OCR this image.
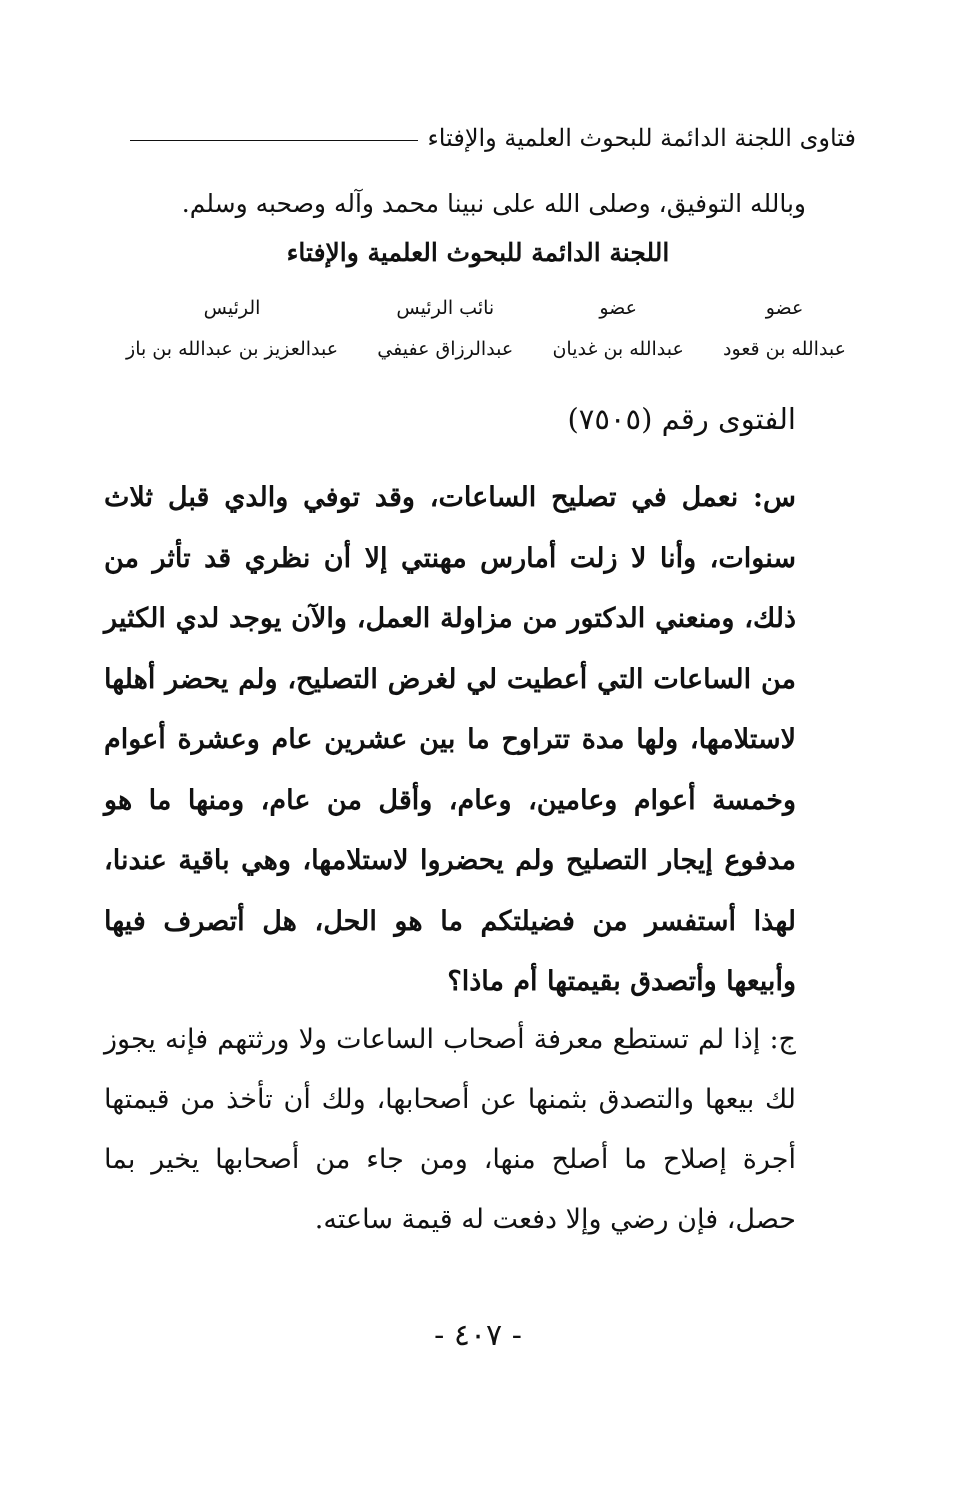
فتاوى اللجنة الدائمة للبحوث العلمية والإفتاء
وبالله التوفيق، وصلى الله على نبينا محمد وآله وصحبه وسلم.
اللجنة الدائمة للبحوث العلمية والإفتاء
عضو
عبدالله بن قعود
عضو
عبدالله بن غديان
نائب الرئيس
عبدالرزاق عفيفي
الرئيس
عبدالعزيز بن عبدالله بن باز
الفتوى رقم (٧٥٠٥)
س: نعمل في تصليح الساعات، وقد توفي والدي قبل ثلاث سنوات، وأنا لا زلت أمارس مهنتي إلا أن نظري قد تأثر من ذلك، ومنعني الدكتور من مزاولة العمل، والآن يوجد لدي الكثير من الساعات التي أعطيت لي لغرض التصليح، ولم يحضر أهلها لاستلامها، ولها مدة تتراوح ما بين عشرين عام وعشرة أعوام وخمسة أعوام وعامين، وعام، وأقل من عام، ومنها ما هو مدفوع إيجار التصليح ولم يحضروا لاستلامها، وهي باقية عندنا، لهذا أستفسر من فضيلتكم ما هو الحل، هل أتصرف فيها وأبيعها وأتصدق بقيمتها أم ماذا؟
ج: إذا لم تستطع معرفة أصحاب الساعات ولا ورثتهم فإنه يجوز لك بيعها والتصدق بثمنها عن أصحابها، ولك أن تأخذ من قيمتها أجرة إصلاح ما أصلح منها، ومن جاء من أصحابها يخير بما حصل، فإن رضي وإلا دفعت له قيمة ساعته.
- ٤٠٧ -
